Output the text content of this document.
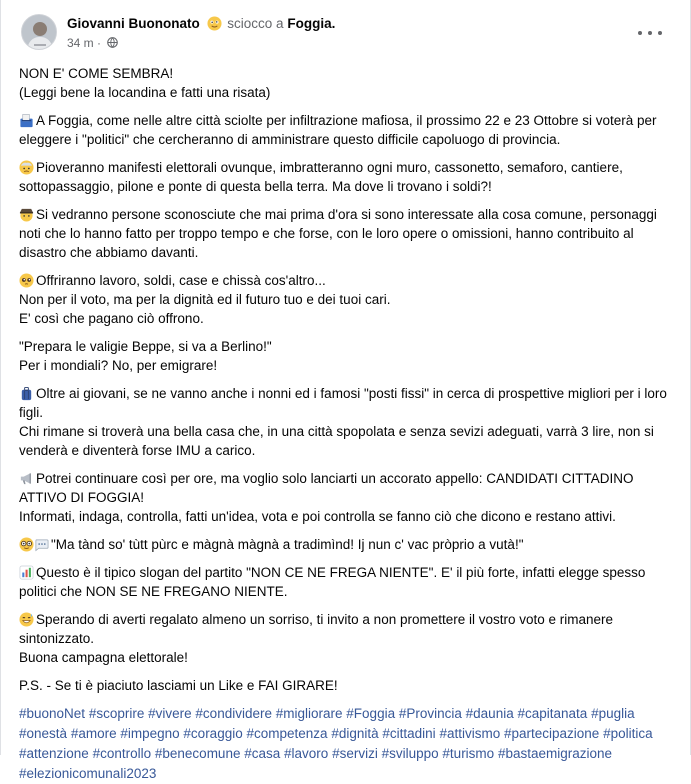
Giovanni Buononato sciocco a Foggia.
34 m ·

NON E' COME SEMBRA!
(Leggi bene la locandina e fatti una risata)

A Foggia, come nelle altre città sciolte per infiltrazione mafiosa, il prossimo 22 e 23 Ottobre si voterà per eleggere i "politici" che cercheranno di amministrare questo difficile capoluogo di provincia.

Pioveranno manifesti elettorali ovunque, imbratteranno ogni muro, cassonetto, semaforo, cantiere, sottopassaggio, pilone e ponte di questa bella terra. Ma dove li trovano i soldi?!

Si vedranno persone sconosciute che mai prima d'ora si sono interessate alla cosa comune, personaggi noti che lo hanno fatto per troppo tempo e che forse, con le loro opere o omissioni, hanno contribuito al disastro che abbiamo davanti.

Offriranno lavoro, soldi, case e chissà cos'altro...
Non per il voto, ma per la dignità ed il futuro tuo e dei tuoi cari.
E' così che pagano ciò offrono.

"Prepara le valigie Beppe, si va a Berlino!"
Per i mondiali? No, per emigrare!

Oltre ai giovani, se ne vanno anche i nonni ed i famosi "posti fissi" in cerca di prospettive migliori per i loro figli.
Chi rimane si troverà una bella casa che, in una città spopolata e senza sevizi adeguati, varrà 3 lire, non si venderà e diventerà forse IMU a carico.

Potrei continuare così per ore, ma voglio solo lanciarti un accorato appello: CANDIDATI CITTADINO ATTIVO DI FOGGIA!
Informati, indaga, controlla, fatti un'idea, vota e poi controlla se fanno ciò che dicono e restano attivi.

"Ma tànd so' tùtt pùrc e màgnà màgnà a tradimìnd! Ij nun c' vac pròprio a vutà!"

Questo è il tipico slogan del partito "NON CE NE FREGA NIENTE". E' il più forte, infatti elegge spesso politici che NON SE NE FREGANO NIENTE.

Sperando di averti regalato almeno un sorriso, ti invito a non promettere il vostro voto e rimanere sintonizzato.
Buona campagna elettorale!

P.S. - Se ti è piaciuto lasciami un Like e FAI GIRARE!

#buonoNet #scoprire #vivere #condividere #migliorare #Foggia #Provincia #daunia #capitanata #puglia #onestà #amore #impegno #coraggio #competenza #dignità #cittadini #attivismo #partecipazione #politica #attenzione #controllo #benecomune #casa #lavoro #servizi #sviluppo #turismo #bastaemigrazione #elezionicomunali2023
